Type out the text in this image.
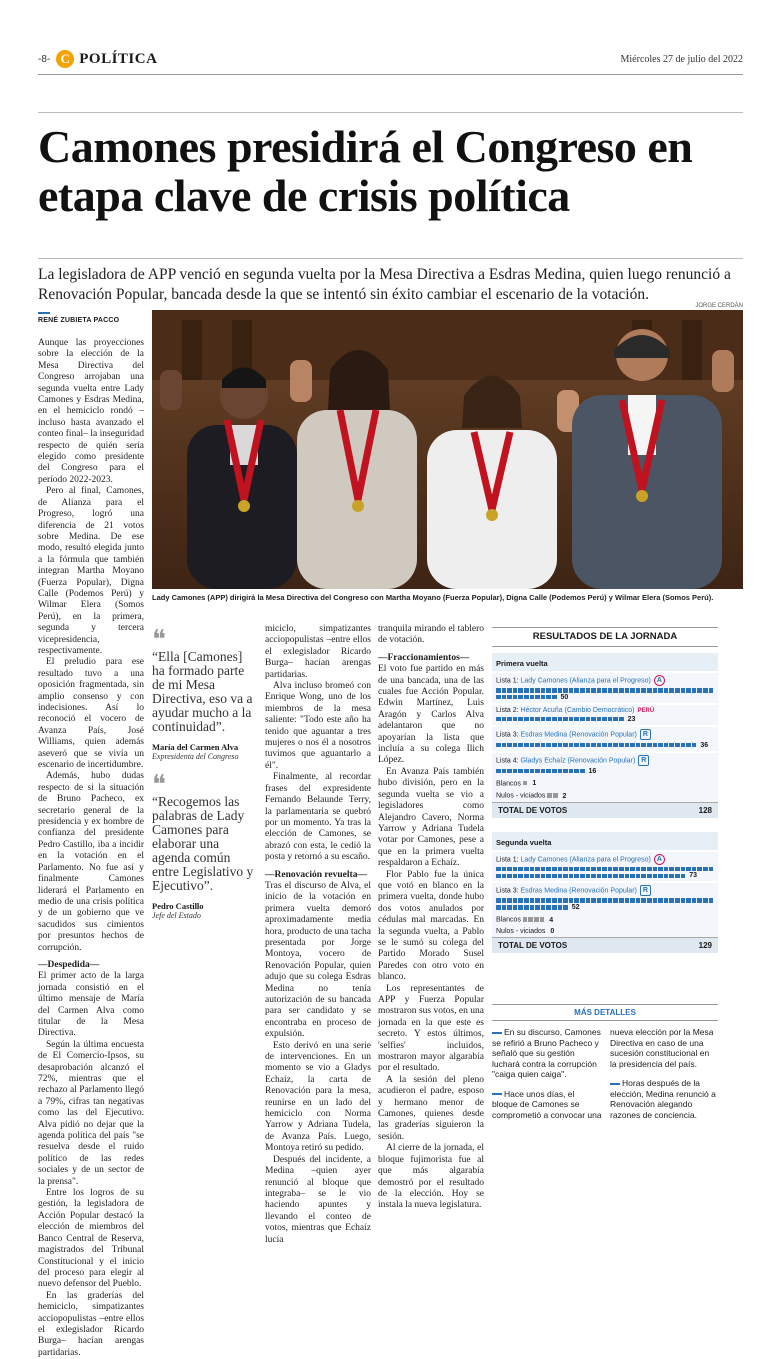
-8- C POLÍTICA	Miércoles 27 de julio del 2022
Camones presidirá el Congreso en etapa clave de crisis política

La legisladora de APP venció en segunda vuelta por la Mesa Directiva a Esdras Medina, quien luego renunció a Renovación Popular, bancada desde la que se intentó sin éxito cambiar el escenario de la votación.

JORGE CERDÁN
Lady Camones (APP) dirigirá la Mesa Directiva del Congreso con Martha Moyano (Fuerza Popular), Digna Calle (Podemos Perú) y Wilmar Elera (Somos Perú).
RENÉ ZUBIETA PACCO

Aunque las proyecciones sobre la elección de la Mesa Directiva del Congreso arrojaban una segunda vuelta entre Lady Camones y Esdras Medina, en el hemiciclo rondó –incluso hasta avanzado el conteo final– la inseguridad respecto de quién sería elegido como presidente del Congreso para el período 2022-2023.

Pero al final, Camones, de Alianza para el Progreso, logró una diferencia de 21 votos sobre Medina. De ese modo, resultó elegida junto a la fórmula que también integran Martha Moyano (Fuerza Popular), Digna Calle (Podemos Perú) y Wilmar Elera (Somos Perú), en la primera, segunda y tercera vicepresidencia, respectivamente.

El preludio para ese resultado tuvo a una oposición fragmentada, sin amplio consenso y con indecisiones. Así lo reconoció el vocero de Avanza País, José Williams, quien además aseveró que se vivía un escenario de incertidumbre.

Además, hubo dudas respecto de si la situación de Bruno Pacheco, ex secretario general de la presidencia y ex hombre de confianza del presidente Pedro Castillo, iba a incidir en la votación en el Parlamento. No fue así y finalmente Camones liderará el Parlamento en medio de una crisis política y de un gobierno que ve sacudidos sus cimientos por presuntos hechos de corrupción.

— Despedida—

El primer acto de la larga jornada consistió en el último mensaje de María del Carmen Alva como titular de la Mesa Directiva.

Según la última encuesta de El Comercio-Ipsos, su desaprobación alcanzó el 72%, mientras que el rechazo al Parlamento llegó a 79%, cifras tan negativas como las del Ejecutivo. Alva pidió no dejar que la agenda política del país "se resuelva desde el ruido político de las redes sociales y de un sector de la prensa".

Entre los logros de su gestión, la legisladora de Acción Popular destacó la elección de miembros del Banco Central de Reserva, magistrados del Tribunal Constitucional y el inicio del proceso para elegir al nuevo defensor del Pueblo.

En las graderías del hemiciclo, simpatizantes acciopopulistas –entre ellos el exlegislador Ricardo Burga– hacían arengas partidarias.

❝
“Ella [Camones] ha formado parte de mi Mesa Directiva, eso va a ayudar mucho a la continuidad”.
María del Carmen Alva
Expresidenta del Congreso
❝
“Recogemos las palabras de Lady Camones para elaborar una agenda común entre Legislativo y Ejecutivo”.
Pedro Castillo
Jefe del Estado

miciclo, simpatizantes acciopopulistas –entre ellos el exlegislador Ricardo Burga– hacían arengas partidarias.

Alva incluso bromeó con Enrique Wong, uno de los miembros de la mesa saliente: "Todo este año ha tenido que aguantar a tres mujeres o nos él a nosotros tuvimos que aguantarlo a él".

Finalmente, al recordar frases del expresidente Fernando Belaunde Terry, la parlamentaria se quebró por un momento. Ya tras la elección de Camones, se abrazó con esta, le cedió la posta y retornó a su escaño.

— Renovación revuelta—

Tras el discurso de Alva, el inicio de la votación en primera vuelta demoró aproximadamente media hora, producto de una tacha presentada por Jorge Montoya, vocero de Renovación Popular, quien adujo que su colega Esdras Medina no tenía autorización de su bancada para ser candidato y se encontraba en proceso de expulsión.

Esto derivó en una serie de intervenciones. En un momento se vio a Gladys Echaíz, la carta de Renovación para la mesa, reunirse en un lado del hemiciclo con Norma Yarrow y Adriana Tudela, de Avanza País. Luego, Montoya retiró su pedido.

Después del incidente, a Medina –quien ayer renunció al bloque que integraba– se le vio haciendo apuntes y llevando el conteo de votos, mientras que Echaíz lucía

tranquila mirando el tablero de votación.

— Fraccionamientos—

El voto fue partido en más de una bancada, una de las cuales fue Acción Popular. Edwin Martínez, Luis Aragón y Carlos Alva adelantaron que no apoyarían la lista que incluía a su colega Ilich López.

En Avanza País también hubo división, pero en la segunda vuelta se vio a legisladores como Alejandro Cavero, Norma Yarrow y Adriana Tudela votar por Camones, pese a que en la primera vuelta respaldaron a Echaíz.

Flor Pablo fue la única que votó en blanco en la primera vuelta, donde hubo dos votos anulados por cédulas mal marcadas. En la segunda vuelta, a Pablo se le sumó su colega del Partido Morado Susel Paredes con otro voto en blanco.

Los representantes de APP y Fuerza Popular mostraron sus votos, en una jornada en la que este es secreto. Y estos últimos, 'selfies' incluidos, mostraron mayor algarabía por el resultado.

A la sesión del pleno acudieron el padre, esposo y hermano menor de Camones, quienes desde las graderías siguieron la sesión.

Al cierre de la jornada, el bloque fujimorista fue al que más algarabía demostró por el resultado de la elección. Hoy se instala la nueva legislatura.

RESULTADOS DE LA JORNADA
Primera vuelta
Lista 1: Lady Camones (Alianza para el Progreso) A
50
Lista 2: Héctor Acuña (Cambio Democrático) PERÚ
23
Lista 3: Esdras Medina (Renovación Popular) R
36
Lista 4: Gladys Echaíz (Renovación Popular) R
16
Blancos 1
Nulos - viciados 2
TOTAL DE VOTOS	128
Segunda vuelta
Lista 1: Lady Camones (Alianza para el Progreso) A
73
Lista 3: Esdras Medina (Renovación Popular) R
52
Blancos	4
Nulos - viciados 0
TOTAL DE VOTOS	129
MÁS DETALLES

En su discurso, Camones se refirió a Bruno Pacheco y señaló que su gestión luchará contra la corrupción "caiga quien caiga".

Hace unos días, el bloque de Camones se comprometió a convocar una

nueva elección por la Mesa Directiva en caso de una sucesión constitucional en la presidencia del país.

Horas después de la elección, Medina renunció a Renovación alegando razones de conciencia.
